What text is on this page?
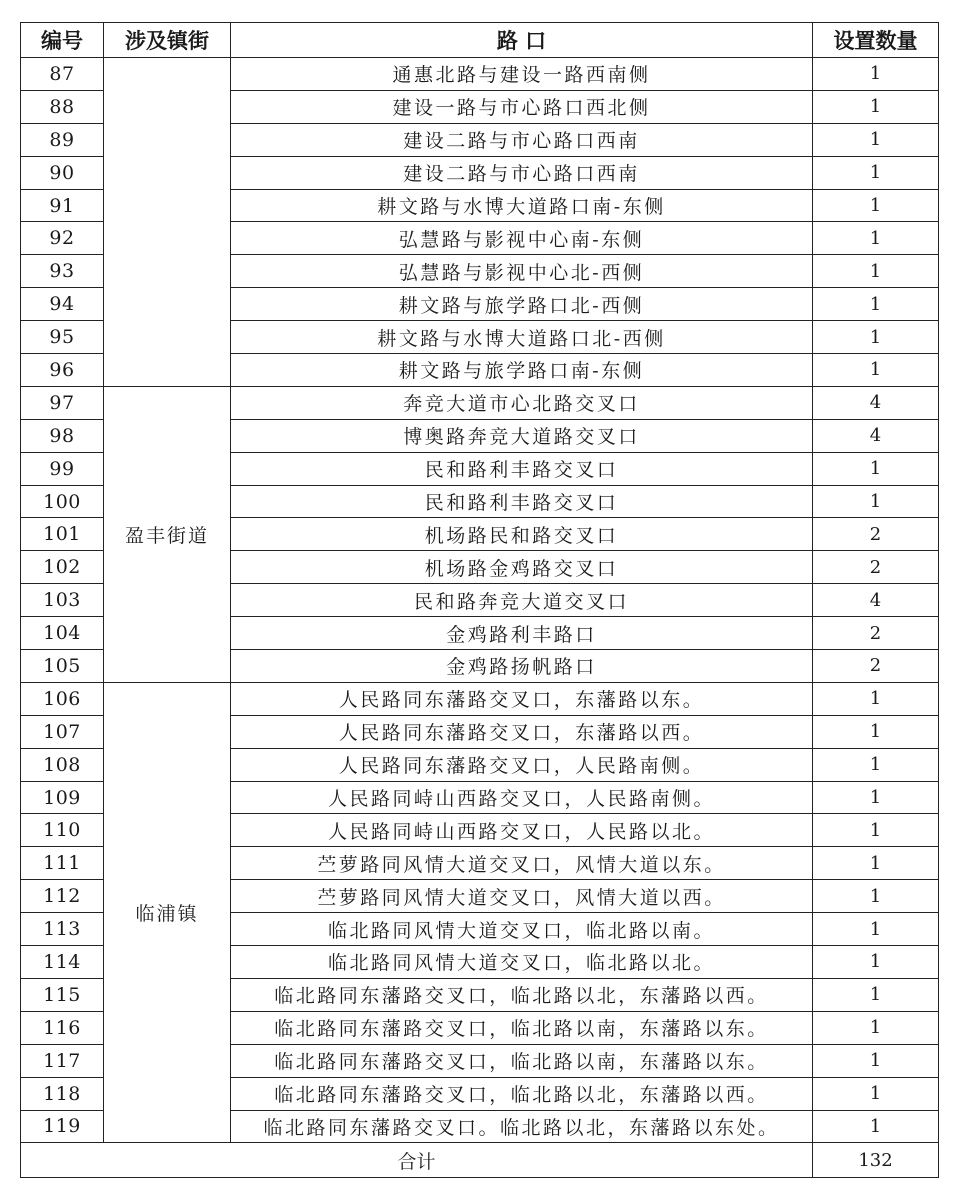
编号	涉及镇街	路 口	设置数量
87		通惠北路与建设一路西南侧	1
88		建设一路与市心路口西北侧	1
89		建设二路与市心路口西南	1
90		建设二路与市心路口西南	1
91		耕文路与水博大道路口南-东侧	1
92		弘慧路与影视中心南-东侧	1
93		弘慧路与影视中心北-西侧	1
94		耕文路与旅学路口北-西侧	1
95		耕文路与水博大道路口北-西侧	1
96		耕文路与旅学路口南-东侧	1
97	盈丰街道	奔竞大道市心北路交叉口	4
98		博奥路奔竞大道路交叉口	4
99		民和路利丰路交叉口	1
100		民和路利丰路交叉口	1
101		机场路民和路交叉口	2
102		机场路金鸡路交叉口	2
103		民和路奔竞大道交叉口	4
104		金鸡路利丰路口	2
105		金鸡路扬帆路口	2
106	临浦镇	人民路同东藩路交叉口，东藩路以东。	1
107		人民路同东藩路交叉口，东藩路以西。	1
108		人民路同东藩路交叉口，人民路南侧。	1
109		人民路同峙山西路交叉口，人民路南侧。	1
110		人民路同峙山西路交叉口，人民路以北。	1
111		苎萝路同风情大道交叉口，风情大道以东。	1
112		苎萝路同风情大道交叉口，风情大道以西。	1
113		临北路同风情大道交叉口，临北路以南。	1
114		临北路同风情大道交叉口，临北路以北。	1
115		临北路同东藩路交叉口，临北路以北，东藩路以西。	1
116		临北路同东藩路交叉口，临北路以南，东藩路以东。	1
117		临北路同东藩路交叉口，临北路以南，东藩路以东。	1
118		临北路同东藩路交叉口，临北路以北，东藩路以西。	1
119		临北路同东藩路交叉口。临北路以北，东藩路以东处。	1
合计			132
